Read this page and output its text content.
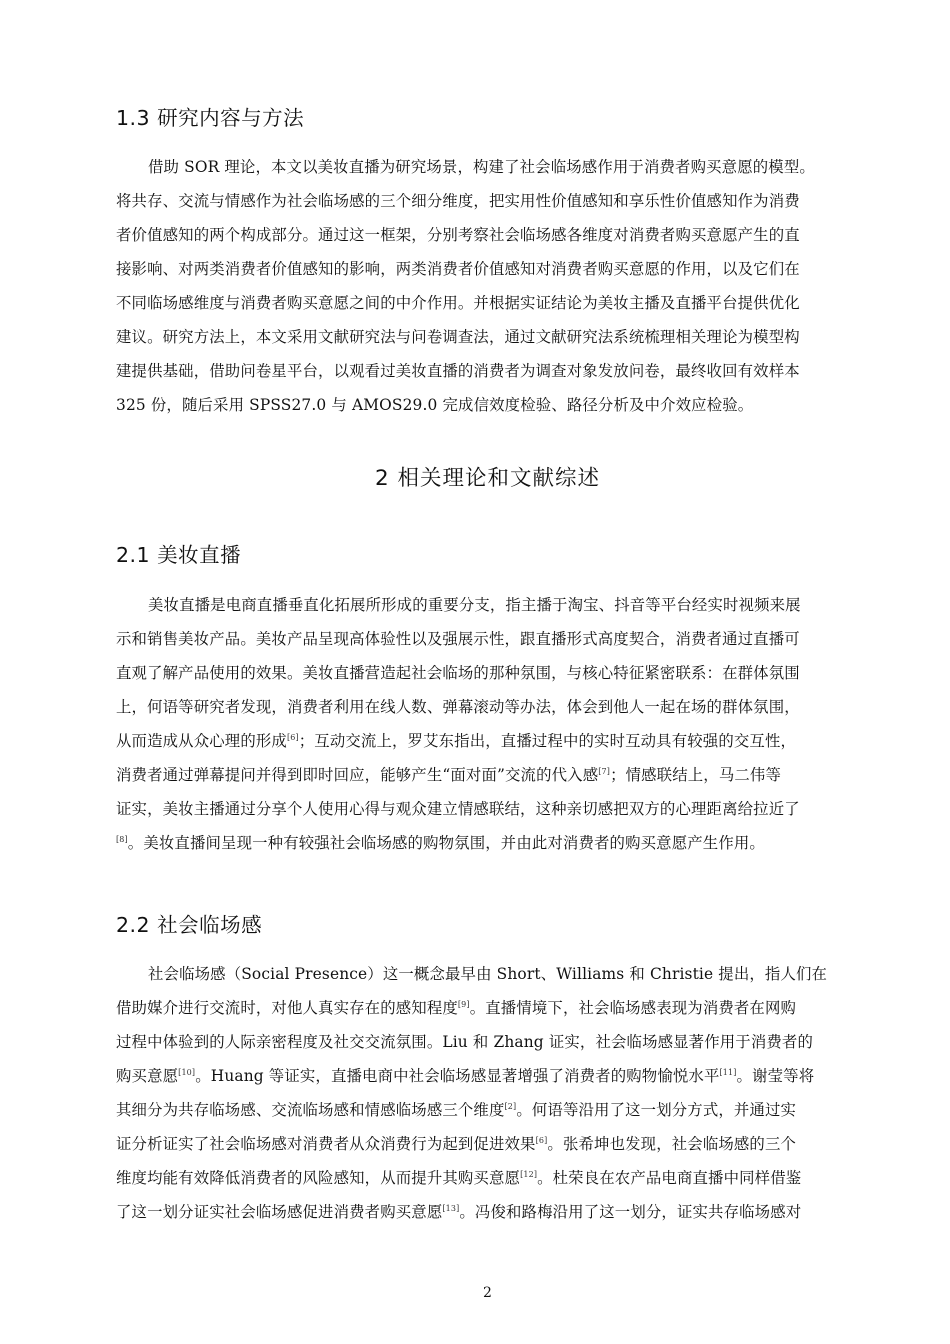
1.3 研究内容与方法
借助 SOR 理论，本文以美妆直播为研究场景，构建了社会临场感作用于消费者购买意愿的模型。
将共存、交流与情感作为社会临场感的三个细分维度，把实用性价值感知和享乐性价值感知作为消费
者价值感知的两个构成部分。通过这一框架，分别考察社会临场感各维度对消费者购买意愿产生的直
接影响、对两类消费者价值感知的影响，两类消费者价值感知对消费者购买意愿的作用，以及它们在
不同临场感维度与消费者购买意愿之间的中介作用。并根据实证结论为美妆主播及直播平台提供优化
建议。研究方法上，本文采用文献研究法与问卷调查法，通过文献研究法系统梳理相关理论为模型构
建提供基础，借助问卷星平台，以观看过美妆直播的消费者为调查对象发放问卷，最终收回有效样本
325 份，随后采用 SPSS27.0 与 AMOS29.0 完成信效度检验、路径分析及中介效应检验。
2 相关理论和文献综述
2.1 美妆直播
美妆直播是电商直播垂直化拓展所形成的重要分支，指主播于淘宝、抖音等平台经实时视频来展
示和销售美妆产品。美妆产品呈现高体验性以及强展示性，跟直播形式高度契合，消费者通过直播可
直观了解产品使用的效果。美妆直播营造起社会临场的那种氛围，与核心特征紧密联系：在群体氛围
上，何语等研究者发现，消费者利用在线人数、弹幕滚动等办法，体会到他人一起在场的群体氛围，
从而造成从众心理的形成[6]；互动交流上，罗艾东指出，直播过程中的实时互动具有较强的交互性，
消费者通过弹幕提问并得到即时回应，能够产生“面对面”交流的代入感[7]；情感联结上，马二伟等
证实，美妆主播通过分享个人使用心得与观众建立情感联结，这种亲切感把双方的心理距离给拉近了
[8]。美妆直播间呈现一种有较强社会临场感的购物氛围，并由此对消费者的购买意愿产生作用。
2.2 社会临场感
社会临场感（Social Presence）这一概念最早由 Short、Williams 和 Christie 提出，指人们在
借助媒介进行交流时，对他人真实存在的感知程度[9]。直播情境下，社会临场感表现为消费者在网购
过程中体验到的人际亲密程度及社交交流氛围。Liu 和 Zhang 证实，社会临场感显著作用于消费者的
购买意愿[10]。Huang 等证实，直播电商中社会临场感显著增强了消费者的购物愉悦水平[11]。谢莹等将
其细分为共存临场感、交流临场感和情感临场感三个维度[2]。何语等沿用了这一划分方式，并通过实
证分析证实了社会临场感对消费者从众消费行为起到促进效果[6]。张希坤也发现，社会临场感的三个
维度均能有效降低消费者的风险感知，从而提升其购买意愿[12]。杜荣良在农产品电商直播中同样借鉴
了这一划分证实社会临场感促进消费者购买意愿[13]。冯俊和路梅沿用了这一划分，证实共存临场感对
2
